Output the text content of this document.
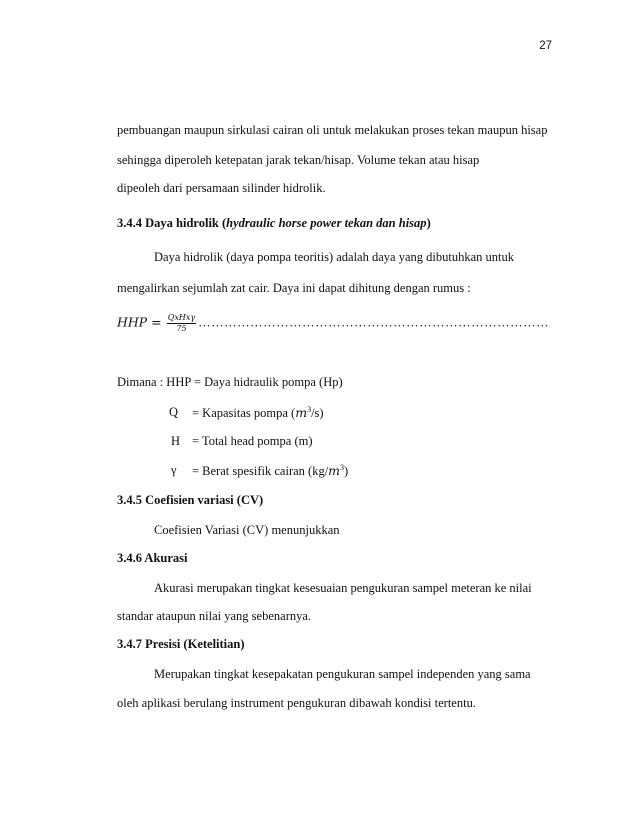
27
pembuangan maupun sirkulasi cairan oli untuk melakukan proses tekan maupun hisap
sehingga diperoleh ketepatan jarak tekan/hisap. Volume tekan atau hisap
dipeoleh dari persamaan silinder hidrolik.
3.4.4 Daya hidrolik (hydraulic horse power tekan dan hisap)
Daya hidrolik (daya pompa teoritis) adalah daya yang dibutuhkan untuk
mengalirkan sejumlah zat cair. Daya ini dapat dihitung dengan rumus :
HHP = $\frac{\text{QxHxγ}}{75}$ ………………………………………………………………………
Dimana : HHP = Daya hidraulik pompa (Hp)
Q = Kapasitas pompa $(m^3/s)$
H = Total head pompa (m)
γ = Berat spesifik cairan $(kg/m^3)$
3.4.5 Coefisien variasi (CV)
Coefisien Variasi (CV) menunjukkan
3.4.6 Akurasi
Akurasi merupakan tingkat kesesuaian pengukuran sampel meteran ke nilai
standar ataupun nilai yang sebenarnya.
3.4.7 Presisi (Ketelitian)
Merupakan tingkat kesepakatan pengukuran sampel independen yang sama
oleh aplikasi berulang instrument pengukuran dibawah kondisi tertentu.
